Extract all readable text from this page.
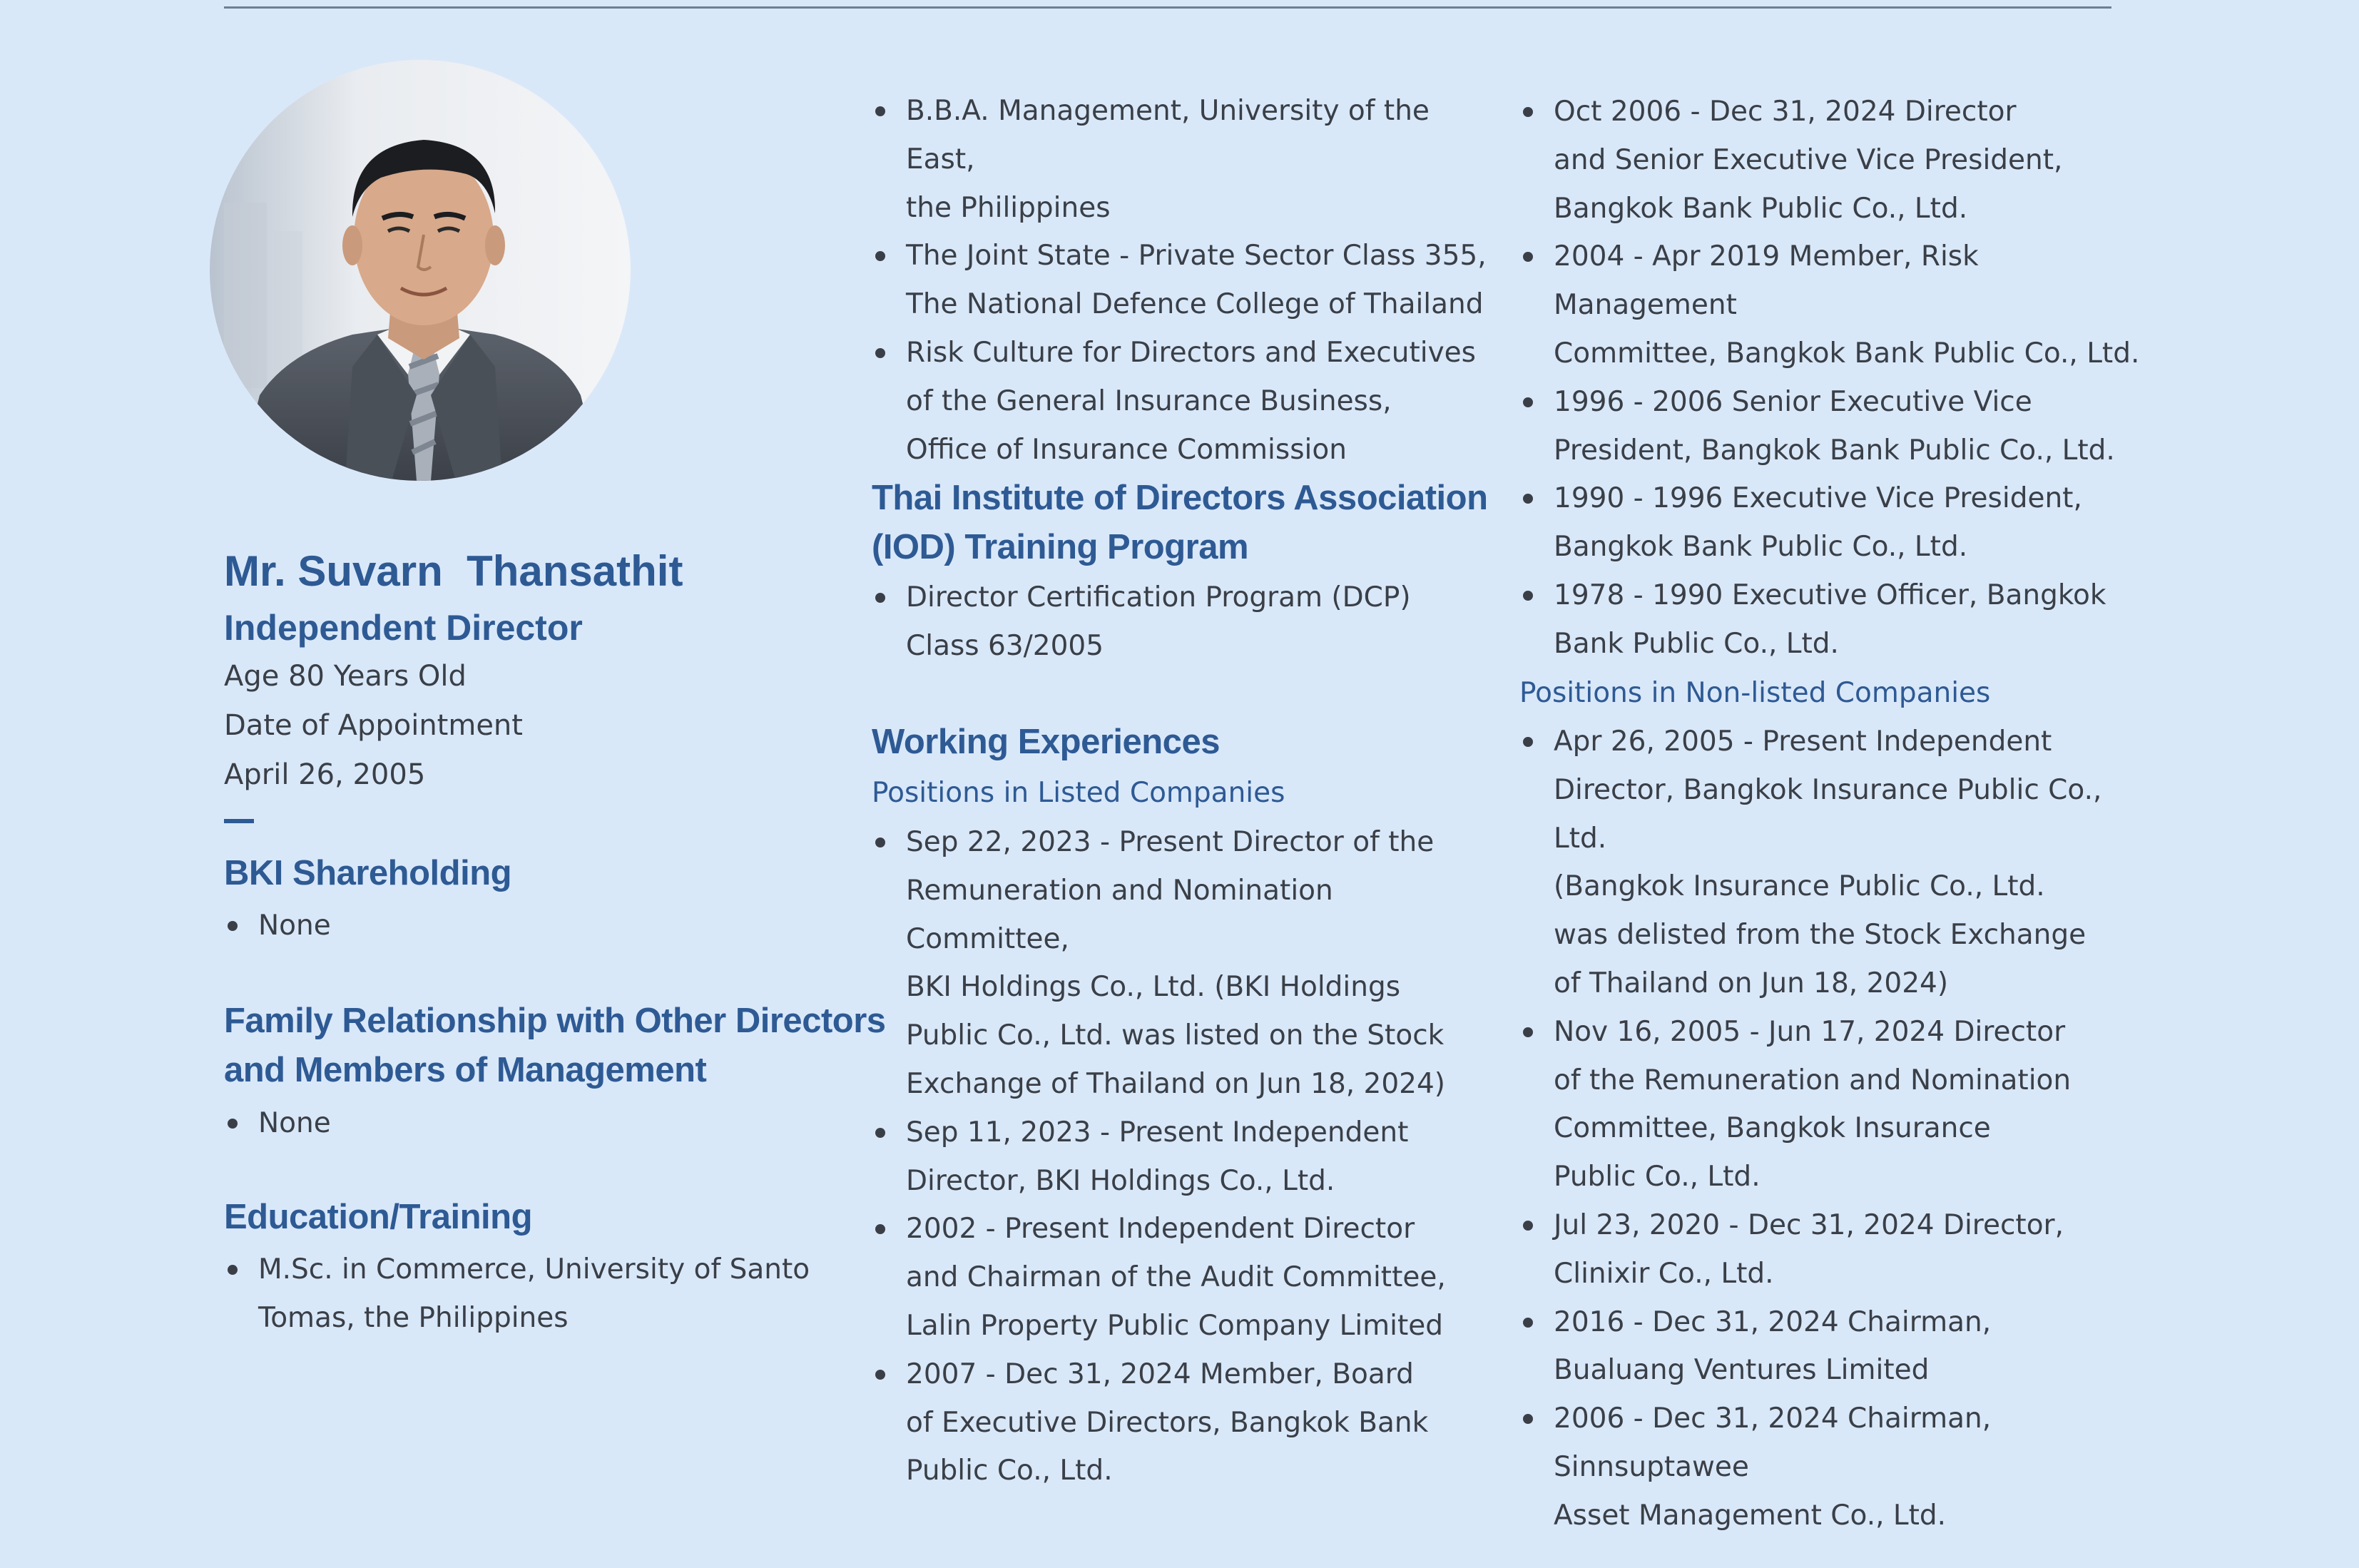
Mr. Suvarn  Thansathit
Independent Director

Age 80 Years Old

Date of Appointment

April 26, 2005

BKI Shareholding
None
Family Relationship with Other Directors
and Members of Management
None
Education/Training
M.Sc. in Commerce, University of Santo
Tomas, the Philippines
B.B.A. Management, University of the East,
the Philippines
The Joint State - Private Sector Class 355,
The National Defence College of Thailand
Risk Culture for Directors and Executives
of the General Insurance Business,
Office of Insurance Commission
Thai Institute of Directors Association
(IOD) Training Program
Director Certification Program (DCP)
Class 63/2005
Working Experiences

Positions in Listed Companies

Sep 22, 2023 - Present Director of the
Remuneration and Nomination Committee,
BKI Holdings Co., Ltd. (BKI Holdings
Public Co., Ltd. was listed on the Stock
Exchange of Thailand on Jun 18, 2024)
Sep 11, 2023 - Present Independent
Director, BKI Holdings Co., Ltd.
2002 - Present Independent Director
and Chairman of the Audit Committee,
Lalin Property Public Company Limited
2007 - Dec 31, 2024 Member, Board
of Executive Directors, Bangkok Bank
Public Co., Ltd.
Oct 2006 - Dec 31, 2024 Director
and Senior Executive Vice President,
Bangkok Bank Public Co., Ltd.
2004 - Apr 2019 Member, Risk Management
Committee, Bangkok Bank Public Co., Ltd.
1996 - 2006 Senior Executive Vice
President, Bangkok Bank Public Co., Ltd.
1990 - 1996 Executive Vice President,
Bangkok Bank Public Co., Ltd.
1978 - 1990 Executive Officer, Bangkok
Bank Public Co., Ltd.

Positions in Non-listed Companies

Apr 26, 2005 - Present Independent
Director, Bangkok Insurance Public Co., Ltd.
(Bangkok Insurance Public Co., Ltd.
was delisted from the Stock Exchange
of Thailand on Jun 18, 2024)
Nov 16, 2005 - Jun 17, 2024 Director
of the Remuneration and Nomination
Committee, Bangkok Insurance
Public Co., Ltd.
Jul 23, 2020 - Dec 31, 2024 Director,
Clinixir Co., Ltd.
2016 - Dec 31, 2024 Chairman,
Bualuang Ventures Limited
2006 - Dec 31, 2024 Chairman, Sinnsuptawee
Asset Management Co., Ltd.
